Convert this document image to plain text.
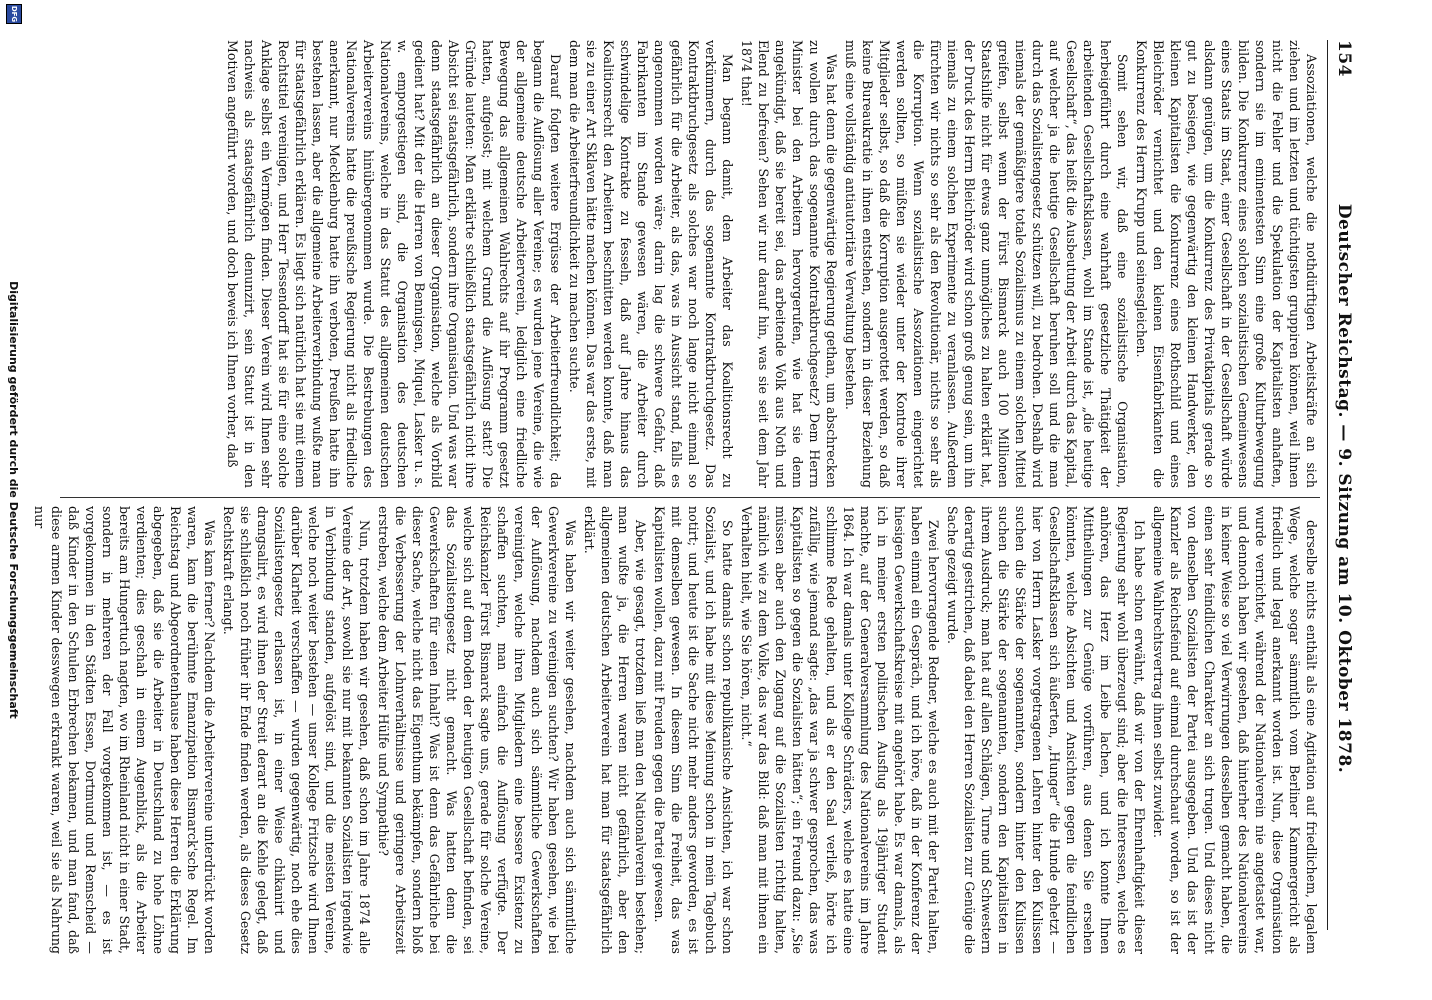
154
Deutscher Reichstag. — 9. Sitzung am 10. Oktober 1878.

Assoziationen, welche die nothdürftigen Arbeitskräfte an sich ziehen und im letzten und tüchtigsten gruppiren können, weil ihnen nicht die Fehler und die Spekulation der Kapitalisten anhaften, sondern sie im eminentesten Sinn eine große Kulturbewegung bilden. Die Konkurrenz eines solchen sozialistischen Gemeinwesens eines Staats im Staat, einer Gesellschaft in der Gesellschaft würde alsdann genügen, um die Konkurrenz des Privatkapitals gerade so gut zu besiegen, wie gegenwärtig den kleinen Handwerker, den kleinen Kapitalisten die Konkurrenz eines Rothschild und eines Bleichröder vernichtet und den kleinen Eisenfabrikanten die Konkurrenz des Herrn Krupp und seinesgleichen.

Somit sehen wir, daß eine sozialistische Organisation, herbeigeführt durch eine wahrhaft gesetzliche Thätigkeit der arbeitenden Gesellschaftsklassen, wohl im Stande ist, „die heutige Gesellschaft“, das heißt die Ausbeutung der Arbeit durch das Kapital, auf welcher ja die heutige Gesellschaft beruhen soll und die man durch das Sozialistengesetz schützen will, zu bedrohen. Deshalb wird niemals der gemäßigtere totale Sozialismus zu einem solchen Mittel greifen, selbst wenn der Fürst Bismarck auch 100 Millionen Staatshilfe nicht für etwas ganz unmögliches zu halten erklärt hat, der Druck des Herrn Bleichröder wird schon groß genug sein, um ihn niemals zu einem solchen Experimente zu veranlassen. Außerdem fürchten wir nichts so sehr als den Revolutionär, nichts so sehr als die Korruption. Wenn sozialistische Assoziationen eingerichtet werden sollten, so müßten sie wieder unter der Kontrole ihrer Mitglieder selbst, so daß die Korruption ausgerottet werden, so daß keine Bureaukratie in ihnen entstehen, sondern in dieser Beziehung muß eine vollständig antiautoritäre Verwaltung bestehen.

Was hat denn die gegenwärtige Regierung gethan, um abschrecken zu wollen durch das sogenannte Kontraktbruchgesetz? Dem Herrn Minister bei den Arbeitern hervorgerufen, wie hat sie denn angekündigt, daß sie bereit sei, das arbeitende Volk aus Noth und Elend zu befreien? Sehen wir nur darauf hin, was sie seit dem Jahr 1874 that!

Man begann damit, dem Arbeiter das Koalitionsrecht zu verkümmern, durch das sogenannte Kontraktbruchgesetz. Das Kontraktbruchgesetz als solches war noch lange nicht einmal so gefährlich für die Arbeiter, als das, was in Aussicht stand, falls es angenommen worden wäre; darin lag die schwere Gefahr, daß Fabrikanten im Stande gewesen wären, die Arbeiter durch schwindelige Kontrakte zu fesseln, daß auf Jahre hinaus das Koalitionsrecht den Arbeitern beschnitten werden konnte, daß man sie zu einer Art Sklaven hätte machen können. Das war das erste, mit dem man die Arbeiterfreundlichkeit zu machen suchte.

Darauf folgten weitere Ergüsse der Arbeiterfreundlichkeit; da begann die Auflösung aller Vereine; es wurden jene Vereine, die wie der allgemeine deutsche Arbeiterverein, lediglich eine friedliche Bewegung das allgemeinen Wahlrechts auf ihr Programm gesetzt hatten, aufgelöst; mit welchem Grund die Auflösung statt? Die Gründe lauteten: Man erklärte schließlich staatsgefährlich nicht ihre Absicht sei staatsgefährlich, sondern ihre Organisation. Und was war denn staatsgefährlich an dieser Organisation, welche als Vorbild gedient hat? Mit der die Herren von Bennigsen, Miquel, Lasker u. s. w. emporgestiegen sind, die Organisation des deutschen Nationalvereins, welche in das Statut des allgemeinen deutschen Arbeitervereins hinübergenommen wurde. Die Bestrebungen des Nationalvereins hatte die preußische Regierung nicht als friedliche anerkannt, nur Mecklenburg hatte ihn verboten, Preußen hatte ihn bestehen lassen, aber die allgemeine Arbeiterverbindung wußte man für staatsgefährlich erklären. Es liegt sich natürlich hat sie mit einem Rechtstitel vereinigen, und Herr Tessendorff hat sie für eine solche Anklage selbst ein Vermögen finden. Dieser Verein wird Ihnen sehr nachweis als staatsgefährlich denunzirt, sein Statut ist in den Motiven angeführt worden, und doch beweis ich Ihnen vorher, daß

derselbe nichts enthält als eine Agitation auf friedlichem, legalem Wege, welche sogar sämmtlich vom Berliner Kammergericht als friedlich und legal anerkannt worden ist. Nun, diese Organisation wurde vernichtet, während der Nationalverein nie angetastet war, und dennoch haben wir gesehen, daß hinterher des Nationalvereins in keiner Weise so viel Verwirrungen desselben gemacht haben, die einen sehr feindlichen Charakter an sich trugen. Und dieses nicht von denselben Sozialisten der Partei ausgegeben. Und das ist der Kanzler als Reichsfeind auf einmal durchschaut worden, so ist der allgemeine Wahlrechtsvertrag ihnen selbst zuwider.

Ich habe schon erwähnt, daß wir von der Ehrenhaftigkeit dieser Regierung sehr wohl überzeugt sind; aber die Interessen, welche es anhören, das Herz im Leibe lachen, und ich konnte Ihnen Mittheilungen zur Genüge vorführen, aus denen Sie ersehen könnten, welche Absichten und Ansichten gegen die feindlichen Gesellschaftsklassen sich äußerten, „Hunger“ die Hunde gehetzt — hier von Herrn Lasker vorgetragenen Lehren hinter den Kulissen suchen die Stärke der sogenannten, sondern hinter den Kulissen suchen die Stärke der sogenannten, sondern den Kapitalisten in ihrem Ausdruck; man hat auf allen Schlägen, Turne und Schwestern derartig gestrichen, daß dabei den Herren Sozialisten zur Genüge die Sache gezeigt wurde.

Zwei hervorragende Redner, welche es auch mit der Partei halten, haben einmal ein Gespräch, und ich höre, daß in der Konferenz der hiesigen Gewerkschaftskreise mit angehört habe. Es war damals, als ich in meiner ersten politischen Ausflug als 19jähriger Student machte, auf der Generalversammlung des Nationalvereins im Jahre 1864. Ich war damals unter Kollege Schräders, welche es hatte eine schlimme Rede gehalten, und als er den Saal verließ, hörte ich zufällig, wie jemand sagte: „das war ja schwer gesprochen, das was Kapitalisten so gegen die Sozialisten hätten“; ein Freund dazu: „Sie müssen aber auch den Zugang auf die Sozialisten richtig halten, nämlich wie zu dem Volke, das war das Bild: daß man mit ihnen ein Verhalten hielt, wie Sie hören, nicht.“

So hatte damals schon republikanische Ansichten, ich war schon Sozialist, und ich habe mit diese Meinung schon in mein Tagebuch notirt; und heute ist die Sache nicht mehr anders geworden, es ist mit demselben gewesen. In diesem Sinn die Freiheit, das was Kapitalisten wollen, dazu mit Freuden gegen die Partei gewesen.

Aber, wie gesagt, trotzdem ließ man den Nationalverein bestehen; man wußte ja, die Herren waren nicht gefährlich, aber den allgemeinen deutschen Arbeiterverein hat man für staatsgefährlich erklärt.

Was haben wir weiter gesehen, nachdem auch sich sämmtliche Gewerkvereine zu vereinigen suchten? Wir haben gesehen, wie bei der Auflösung, nachdem auch sich sämmtliche Gewerkschaften vereinigten, welche ihren Mitgliedern eine bessere Existenz zu schaffen suchten, man einfach die Auflösung verfügte. Der Reichskanzler Fürst Bismarck sagte uns, gerade für solche Vereine, welche sich auf dem Boden der heutigen Gesellschaft befinden, sei das Sozialistengesetz nicht gemacht. Was hatten denn die Gewerkschaften für einen Inhalt? Was ist denn das Gefährliche bei dieser Sache, welche nicht das Eigenthum bekämpfen, sondern bloß die Verbesserung der Lohnverhältnisse und geringere Arbeitszeit erstreben, welche dem Arbeiter Hülfe und Sympathie?

Nun, trotzdem haben wir gesehen, daß schon im Jahre 1874 alle Vereine der Art, sowohl sie nur mit bekannten Sozialisten irgendwie in Verbindung standen, aufgelöst sind, und die meisten Vereine, welche noch weiter bestehen — unser Kollege Fritzsche wird Ihnen darüber Klarheit verschaffen — wurden gegenwärtig, noch ehe dies Sozialistengesetz erlassen ist, in einer Weise chikanirt und drangsalirt, es wird ihnen der Streit derart an die Kehle gelegt, daß sie schließlich noch früher ihr Ende finden werden, als dieses Gesetz Rechtskraft erlangt.

Was kam ferner? Nachdem die Arbeitervereine unterdrückt worden waren, kam die berühmte Emanzipation Bismarck'sche Regel. Im Reichstag und Abgeordnetenhause haben diese Herren die Erklärung abgegeben, daß sie die Arbeiter in Deutschland zu hohe Löhne verdienten; dies geschah in einem Augenblick, als die Arbeiter bereits am Hungertuch nagten, wo im Rheinland nicht in einer Stadt, sondern in mehreren der Fall vorgekommen ist, — es ist vorgekommen in den Städten Essen, Dortmund und Remscheid — daß Kinder in den Schulen Erbrechen bekamen, und man fand, daß diese armen Kinder desswegen erkrankt waren, weil sie als Nahrung nur

Digitalisierung gefördert durch die Deutsche Forschungsgemeinschaft
DFG
